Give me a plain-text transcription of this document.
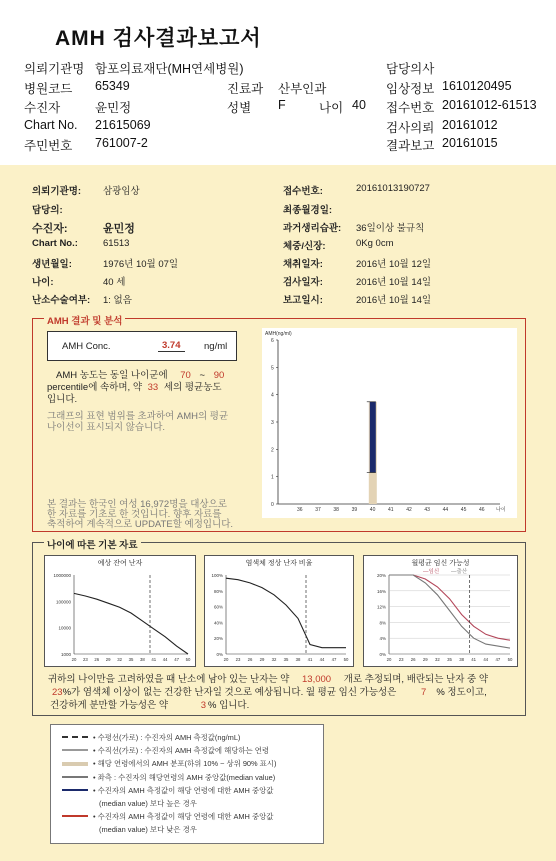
AMH 검사결과보고서
의뢰기관명 함포의료재단(MH연세병원)	담당의사
병원코드 65349	진료과 산부인과	임상정보 1610120495
수진자	윤민정	성별 F	나이 40 접수번호 20161012-61513
Chart No. 21615069	검사의뢰 20161012
주민번호 761007-2	결과보고 20161015
의뢰기관명: 삼광임상
담당의:
수진자:	윤민정
Chart No.:	61513
생년월일:	1976년 10월 07일
나이:	40 세
난소수술여부: 1: 없음
접수번호:	20161013190727
최종월경일:
과거생리습관: 36일이상 불규칙
체중/신장:	0Kg 0cm
채취일자:	2016년 10월 12일
검사일자:	2016년 10월 14일
보고일시:	2016년 10월 14일
AMH 결과 및 분석
AMH Conc.	3.74	ng/ml
AMH 농도는 동일 나이군에 70 ~ 90
percentile에 속하며, 약 33 세의 평균농도
입니다.
그래프의 표현 범위를 초과하여 AMH의 평균
나이선이 표시되지 않습니다.
본 결과는 한국인 여성 16,972명을 대상으로
한 자료를 기초로 한 것입니다. 향후 자료를
축적하여 계속적으로 UPDATE할 예정입니다.
AMH(ng/ml)
0
1
2
3
4
5
6
36	37	38	39	40	41	42	43	44	45	46 나이
나이에 따른 기본 자료
예상 잔여 난자
1000000
100000
10000
1000
20 23 26 29 32 35 38 41 44 47 50
염색체 정상 난자 비율
100%
80%
60%
40%
20%
0%
20 23 26 29 32 35 38 41 44 47 50
월평균 임신 가능성
20%
16%
12%
8%
4%
0%
20 23 26 29 32 35 38 41 44 47 50
—임신 —출산
귀하의 나이만을 고려하였을 때 난소에 남아 있는 난자는 약 13,000 개로 추정되며, 배란되는 난자 중 약
23%가 염색체 이상이 없는 건강한 난자일 것으로 예상됩니다. 월 평균 임신 가능성은	7 % 정도이고,
건강하게 분만할 가능성은 약	3 % 입니다.
• 수평선(가로) : 수진자의 AMH 측정값(ng/mL)
• 수직선(가로) : 수진자의 AMH 측정값에 해당하는 연령
• 해당 연령에서의 AMH 분포(하위 10% ~ 상위 90% 표시)
• 좌측 : 수진자의 해당연령의 AMH 중앙값(median value)
• 수진자의 AMH 측정값이 해당 연령에 대한 AMH 중앙값
(median value) 보다 높은 경우
• 수진자의 AMH 측정값이 해당 연령에 대한 AMH 중앙값
(median value) 보다 낮은 경우
